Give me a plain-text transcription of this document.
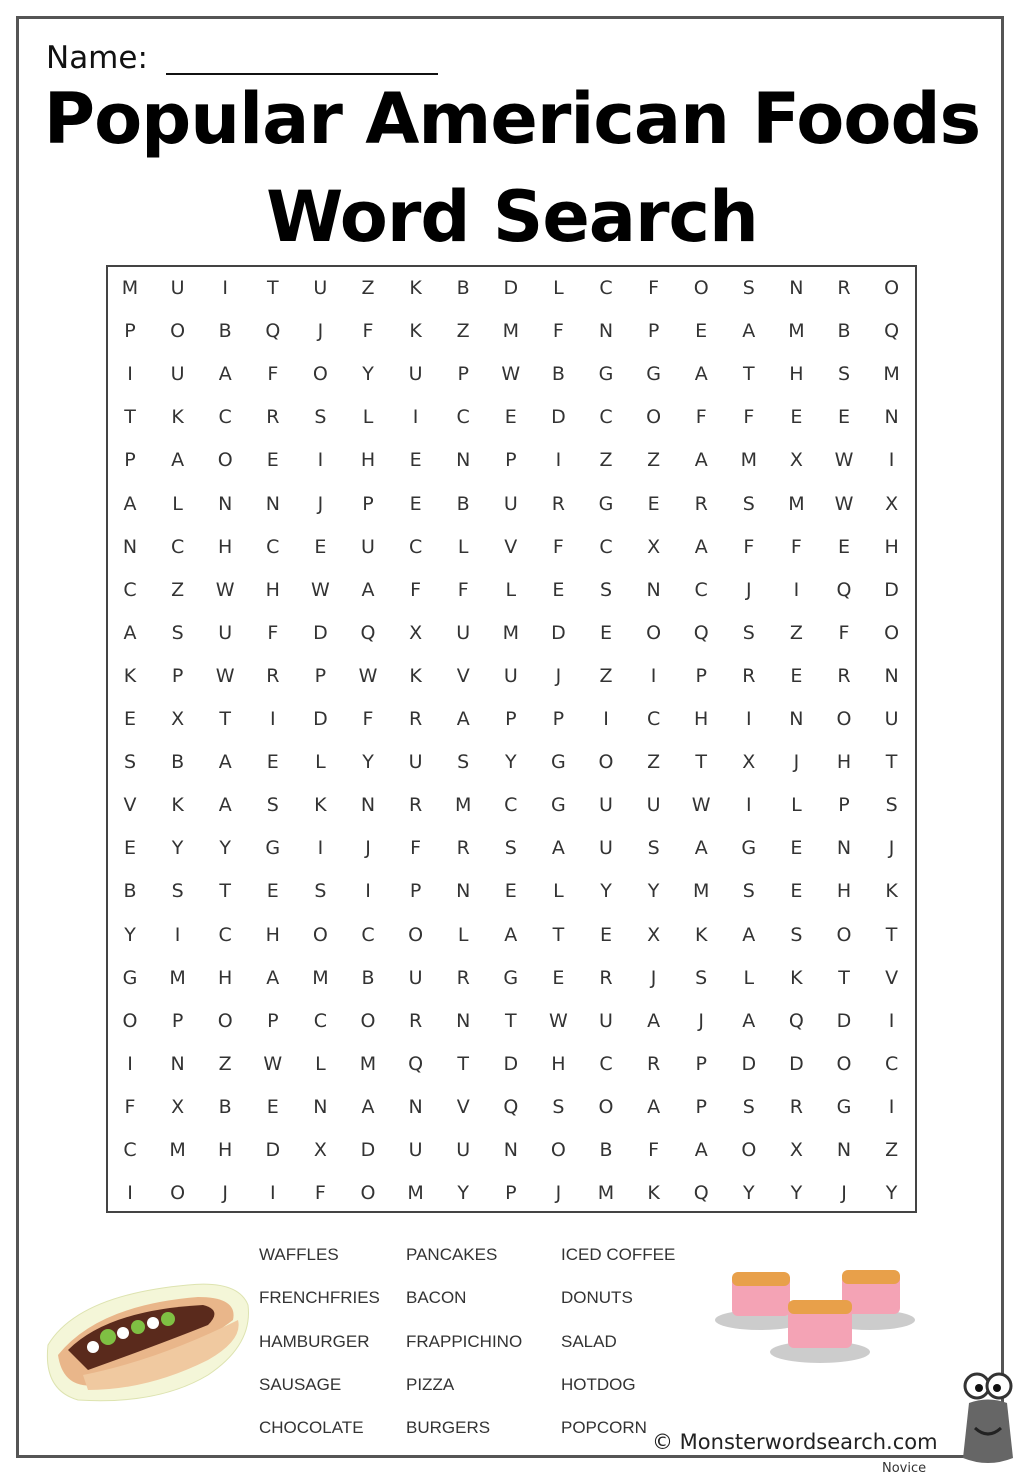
Name:
Popular American Foods
Word Search
M	U	I	T	U	Z	K	B	D	L	C	F	O	S	N	R	O
P	O	B	Q	J	F	K	Z	M	F	N	P	E	A	M	B	Q
I	U	A	F	O	Y	U	P	W	B	G	G	A	T	H	S	M
T	K	C	R	S	L	I	C	E	D	C	O	F	F	E	E	N
P	A	O	E	I	H	E	N	P	I	Z	Z	A	M	X	W	I
A	L	N	N	J	P	E	B	U	R	G	E	R	S	M	W	X
N	C	H	C	E	U	C	L	V	F	C	X	A	F	F	E	H
C	Z	W	H	W	A	F	F	L	E	S	N	C	J	I	Q	D
A	S	U	F	D	Q	X	U	M	D	E	O	Q	S	Z	F	O
K	P	W	R	P	W	K	V	U	J	Z	I	P	R	E	R	N
E	X	T	I	D	F	R	A	P	P	I	C	H	I	N	O	U
S	B	A	E	L	Y	U	S	Y	G	O	Z	T	X	J	H	T
V	K	A	S	K	N	R	M	C	G	U	U	W	I	L	P	S
E	Y	Y	G	I	J	F	R	S	A	U	S	A	G	E	N	J
B	S	T	E	S	I	P	N	E	L	Y	Y	M	S	E	H	K
Y	I	C	H	O	C	O	L	A	T	E	X	K	A	S	O	T
G	M	H	A	M	B	U	R	G	E	R	J	S	L	K	T	V
O	P	O	P	C	O	R	N	T	W	U	A	J	A	Q	D	I
I	N	Z	W	L	M	Q	T	D	H	C	R	P	D	D	O	C
F	X	B	E	N	A	N	V	Q	S	O	A	P	S	R	G	I
C	M	H	D	X	D	U	U	N	O	B	F	A	O	X	N	Z
I	O	J	I	F	O	M	Y	P	J	M	K	Q	Y	Y	J	Y
WAFFLES
FRENCHFRIES
HAMBURGER
SAUSAGE
CHOCOLATE
PANCAKES
BACON
FRAPPICHINO
PIZZA
BURGERS
ICED COFFEE
DONUTS
SALAD
HOTDOG
POPCORN
© Monsterwordsearch.com
Novice
